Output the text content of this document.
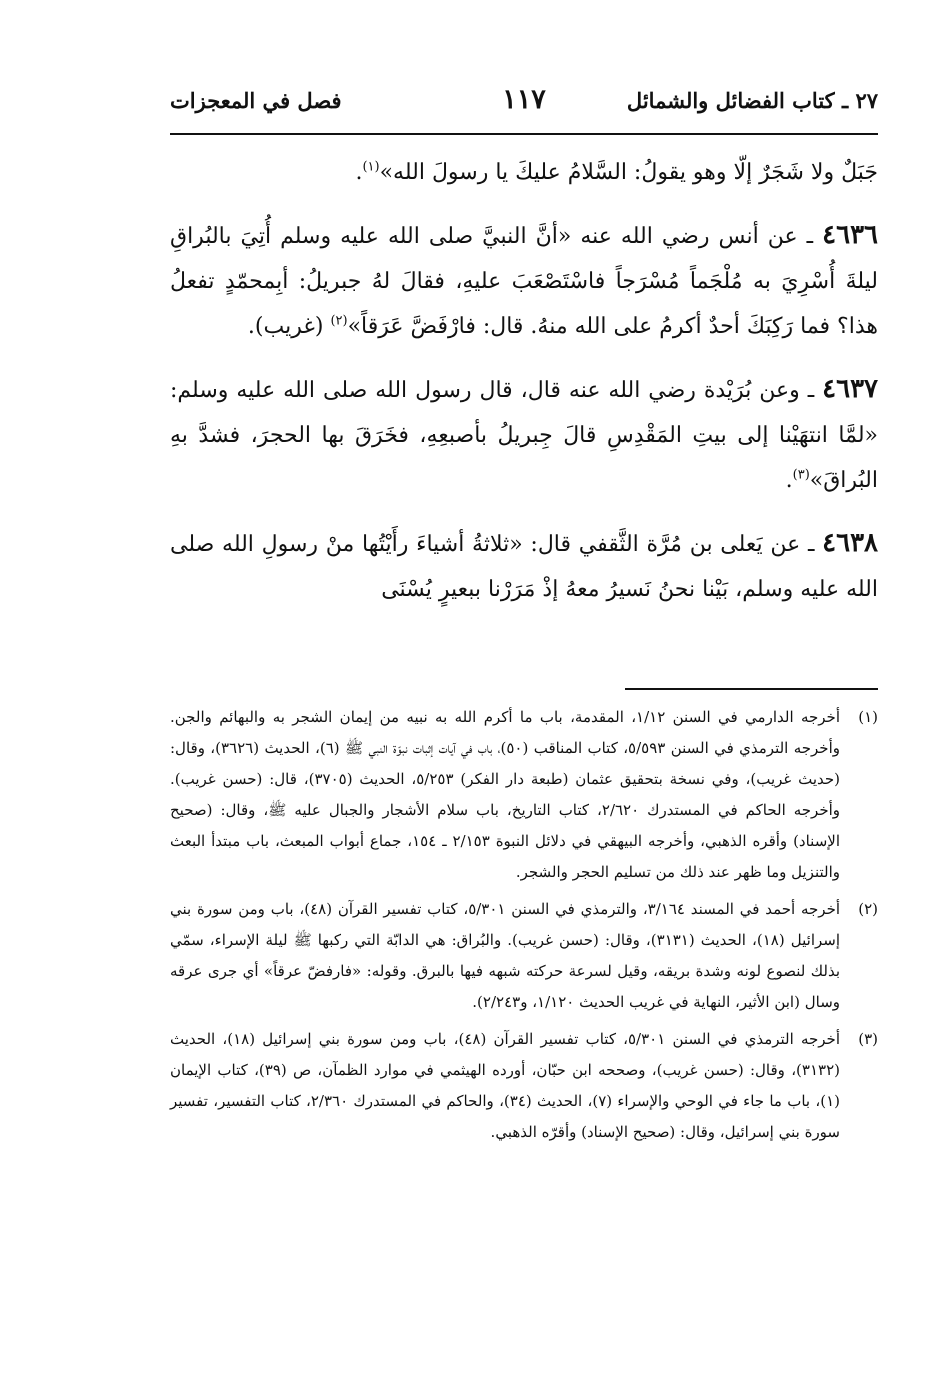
٢٧ ـ كتاب الفضائل والشمائل
١١٧
فصل في المعجزات

جَبَلٌ ولا شَجَرٌ إلّا وهو يقولُ: السَّلامُ عليكَ يا رسولَ الله»$^{(١)}$.

٤٦٣٦ ـ عن أنس رضي الله عنه «أنَّ النبيَّ صلى الله عليه وسلم أُتِيَ بالبُراقِ ليلةَ أُسْرِيَ به مُلْجَماً مُسْرَجاً فاسْتَصْعَبَ عليهِ، فقالَ لهُ جبريلُ: أبِمحمّدٍ تفعلُ هذا؟ فما رَكِبَكَ أحدٌ أكرمُ على الله منهُ. قال: فارْفَضَّ عَرَقاً»$^{(٢)}$ (غريب).

٤٦٣٧ ـ وعن بُرَيْدة رضي الله عنه قال، قال رسول الله صلى الله عليه وسلم: «لمَّا انتهَيْنا إلى بيتِ المَقْدِسِ قالَ جِبريلُ بأصبعِهِ، فخَرَقَ بها الحجرَ، فشدَّ بهِ البُراقَ»$^{(٣)}$.

٤٦٣٨ ـ عن يَعلى بن مُرَّة الثَّقفي قال: «ثلاثةُ أشياءَ رأَيْتُها منْ رسولِ الله صلى الله عليه وسلم، بَيْنا نحنُ نَسيرُ معهُ إذْ مَرَرْنا ببعيرٍ يُسْنَى

(١)
أخرجه الدارمي في السنن ١/١٢، المقدمة، باب ما أكرم الله به نبيه من إيمان الشجر به والبهائم والجن. وأخرجه الترمذي في السنن ٥/٥٩٣، كتاب المناقب (٥٠)، باب في آيات إثبات نبوّة النبي ﷺ (٦)، الحديث (٣٦٢٦)، وقال: (حديث غريب)، وفي نسخة بتحقيق عثمان (طبعة دار الفكر) ٥/٢٥٣، الحديث (٣٧٠٥)، قال: (حسن غريب). وأخرجه الحاكم في المستدرك ٢/٦٢٠، كتاب التاريخ، باب سلام الأشجار والجبال عليه ﷺ، وقال: (صحيح الإسناد) وأقره الذهبي، وأخرجه البيهقي في دلائل النبوة ٢/١٥٣ ـ ١٥٤، جماع أبواب المبعث، باب مبتدأ البعث والتنزيل وما ظهر عند ذلك من تسليم الحجر والشجر.
(٢)
أخرجه أحمد في المسند ٣/١٦٤، والترمذي في السنن ٥/٣٠١، كتاب تفسير القرآن (٤٨)، باب ومن سورة بني إسرائيل (١٨)، الحديث (٣١٣١)، وقال: (حسن غريب). والبُراق: هي الدابّة التي ركبها ﷺ ليلة الإسراء، سمّي بذلك لنصوع لونه وشدة بريقه، وقيل لسرعة حركته شبهه فيها بالبرق. وقوله: «فارفضّ عرقاً» أي جرى عرقه وسال (ابن الأثير، النهاية في غريب الحديث ١/١٢٠، و٢/٢٤٣).
(٣)
أخرجه الترمذي في السنن ٥/٣٠١، كتاب تفسير القرآن (٤٨)، باب ومن سورة بني إسرائيل (١٨)، الحديث (٣١٣٢)، وقال: (حسن غريب)، وصححه ابن حبّان، أورده الهيثمي في موارد الظمآن، ص (٣٩)، كتاب الإيمان (١)، باب ما جاء في الوحي والإسراء (٧)، الحديث (٣٤)، والحاكم في المستدرك ٢/٣٦٠، كتاب التفسير، تفسير سورة بني إسرائيل، وقال: (صحيح الإسناد) وأقرّه الذهبي.
